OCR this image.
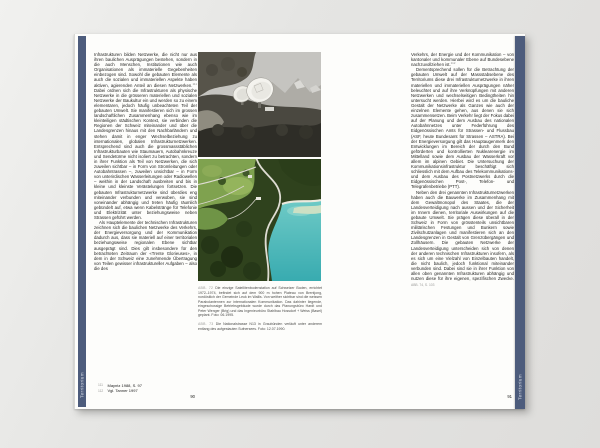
Territorium	Territorium

Infrastrukturen bilden Netzwerke, die nicht nur aus ihren baulichen Ausprägungen bestehen, sondern in die auch Menschen, Institutionen wie auch Organisationen als immaterielle Gegebenheiten einbezogen sind. Sowohl die gebauten Elemente als auch die sozialen und immateriellen Aspekte haben aktiven, agierenden Anteil an diesen Netzwerken.$^{111}$ Dabei ordnen sich die Infrastrukturen als physische Netzwerke in die grösseren materiellen und sozialen Netzwerke der Baukultur ein und werden so zu einem elementaren, jedoch häufig unbeachteten Teil der gebauten Umwelt. Sie manifestieren sich im grossen landschaftlichen Zusammenhang ebenso wie im kleinteiligen städtischen Kontext, sie verbinden die Regionen der Schweiz miteinander und über die Landesgrenzen hinaus mit den Nachbarländern und stehen damit in enger Wechselbeziehung zu internationalen, globalen Infrastrukturnetzwerken. Entsprechend sind auch die grossmassstäblichen Infrastrukturbauten wie Staumauern, Autobahnkreuze und Sendetürme nicht isoliert zu betrachten, sondern in ihrer Funktion als Teil von Netzwerken, die sich zuweilen sichtbar – in Form von Stromleitungen oder Autobahntrassen –, zuweilen unsichtbar – in Form von unterirdischen Wasserleitungen oder Radiowellen – weithin in der Landschaft ausbreiten und bis in kleine und kleinste Verästelungen fortsetzen. Die gebauten Infrastrukturnetzwerke sind überdies eng miteinander verbunden und verwoben, sie sind voneinander abhängig und treten häufig räumlich gebündelt auf, etwa wenn Kabelstränge für Telefonie und Elektrizität unter beziehungsweise neben Strassen geführt werden.

Als Hauptelemente der technischen Infrastrukturen zeichnen sich die baulichen Netzwerke des Verkehrs, der Energieversorgung und der Kommunikation dadurch aus, dass sie materiell auf einer territorialen beziehungsweise regionalen Ebene sichtbar ausgeprägt sind. Dies gilt insbesondere für den betrachteten Zeitraum der «Trente Glorieuses», in dem in der Schweiz eine zunehmende Übertragung von Teilen gewisser infrastruktureller Aufgaben – also die des

Verkehrs, der Energie und der Kommunikation – von kantonaler und kommunaler Ebene auf Bundesebene nachzuvollziehen ist.$^{112}$

Dementsprechend sollen für die Betrachtung der gebauten Umwelt auf der Massstabsebene des Territoriums diese drei Infrastrukturnetzwerke in ihren materiellen und immateriellen Ausprägungen näher beleuchtet und auf ihre Verknüpfungen mit anderen Netzwerken und wechselseitigen Bedingtheiten hin untersucht werden. Hierbei wird es um die bauliche Gestalt der Netzwerke als Ganzes wie auch der einzelnen Elemente gehen, aus denen sie sich zusammensetzen. Beim Verkehr liegt der Fokus dabei auf der Planung und dem Ausbau des nationalen Autobahnnetzes unter Federführung des Eidgenössischen Amts für Strassen- und Flussbau (ASF, heute Bundesamt für Strassen – ASTRA). Bei der Energieversorgung gilt das Hauptaugenmerk den Entwicklungen im Bereich der durch den Bund geförderten und kontrollierten Nuklearenergie im Mittelland sowie dem Ausbau der Wasserkraft vor allem im alpinen Gebiet. Die Untersuchung der Kommunikationsinfrastruktur beschäftigt sich schliesslich mit dem Aufbau des Telekommunikations- und dem Ausbau des Postnetzwerks durch die Eidgenössischen Post-, Telefon- und Telegrafenbetriebe (PTT).

Neben den drei genannten Infrastrukturnetzwerken haben auch die Bauwerke im Zusammenhang mit dem Gewaltmonopol des Staates, die der Landesverteidigung nach aussen und der Sicherheit im Innern dienen, territoriale Auswirkungen auf die gebaute Umwelt. Sie prägen diese überall in der Schweiz in Form von grösstenteils unsichtbaren militärischen Festungen und Bunkern sowie Zivilschutzanlagen und manifestieren sich an den Landesgrenzen in Gestalt von Grenzübergängen und Zollhäusern. Die gebauten Netzwerke der Landesverteidigung unterscheiden sich von denen der anderen technischen Infrastrukturen insofern, als es sich um eine Vielzahl von Einzelbauten handelt, die nicht baulich, jedoch funktional miteinander verbunden sind. Dabei sind sie in ihrer Funktion von allen oben genannten Infrastrukturen abhängig und nutzen diese für ihre eigenen, spezifischen Zwecke. ABB. 74, S. 103

ABB. 72 Die einzige Satellitenbodenstation auf Schweizer Boden, errichtet 1972–1974, befindet sich auf dem 900 m hohen Plateau von Brentjong, nordöstlich der Gemeinde Leuk im Wallis. Von weither sichtbar sind die weissen Parabolantennen zur internationalen Kommunikation. Das dahinter liegende, eingeschossige Betriebsgebäude wurde durch das Planungsbüro Hardt und Peter Wenger (Brig) und das Ingenieurbüro Stahlbau Hossdorf + Weiss (Basel) geplant. Foto: 06.1995.
ABB. 73 Die Nationalstrasse N13 in Graubünden verläuft unter anderem entlang des aufgestauten Sufnersees. Foto: 12.07.1990.
111	Mayntz 1988, S. 97
112	Vgl. Tanner 1997
90	91
